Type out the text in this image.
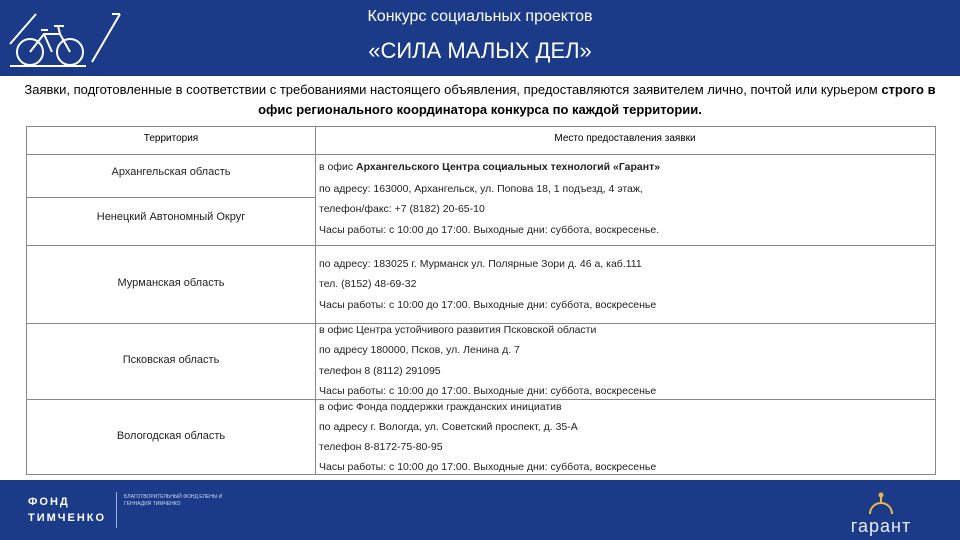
Конкурс социальных проектов
«СИЛА МАЛЫХ ДЕЛ»
Заявки, подготовленные в соответствии с требованиями настоящего объявления, предоставляются заявителем лично, почтой или курьером строго в офис регионального координатора конкурса по каждой территории.
Территория	Место предоставления заявки
Архангельская область
Ненецкий Автономный Округ
Мурманская область
Псковская область
Вологодская область
в офис Архангельского Центра социальных технологий «Гарант»
по адресу: 163000, Архангельск, ул. Попова 18, 1 подъезд, 4 этаж,
телефон/факс: +7 (8182) 20-65-10
Часы работы: с 10:00 до 17:00. Выходные дни: суббота, воскресенье.
по адресу: 183025 г. Мурманск ул. Полярные Зори д. 46 а, каб.111
тел. (8152) 48-69-32
Часы работы: с 10:00 до 17:00. Выходные дни: суббота, воскресенье
в офис Центра устойчивого развития Псковской области
по адресу 180000, Псков, ул. Ленина д. 7
телефон 8 (8112) 291095
Часы работы: с 10:00 до 17:00. Выходные дни: суббота, воскресенье
в офис Фонда поддержки гражданских инициатив
по адресу г. Вологда, ул. Советский проспект, д. 35-А
телефон 8-8172-75-80-95
Часы работы: с 10:00 до 17:00. Выходные дни: суббота, воскресенье
ФОНД
ТИМЧЕНКО
БЛАГОТВОРИТЕЛЬНЫЙ ФОНД ЕЛЕНЫ И ГЕННАДИЯ ТИМЧЕНКО
гарант
